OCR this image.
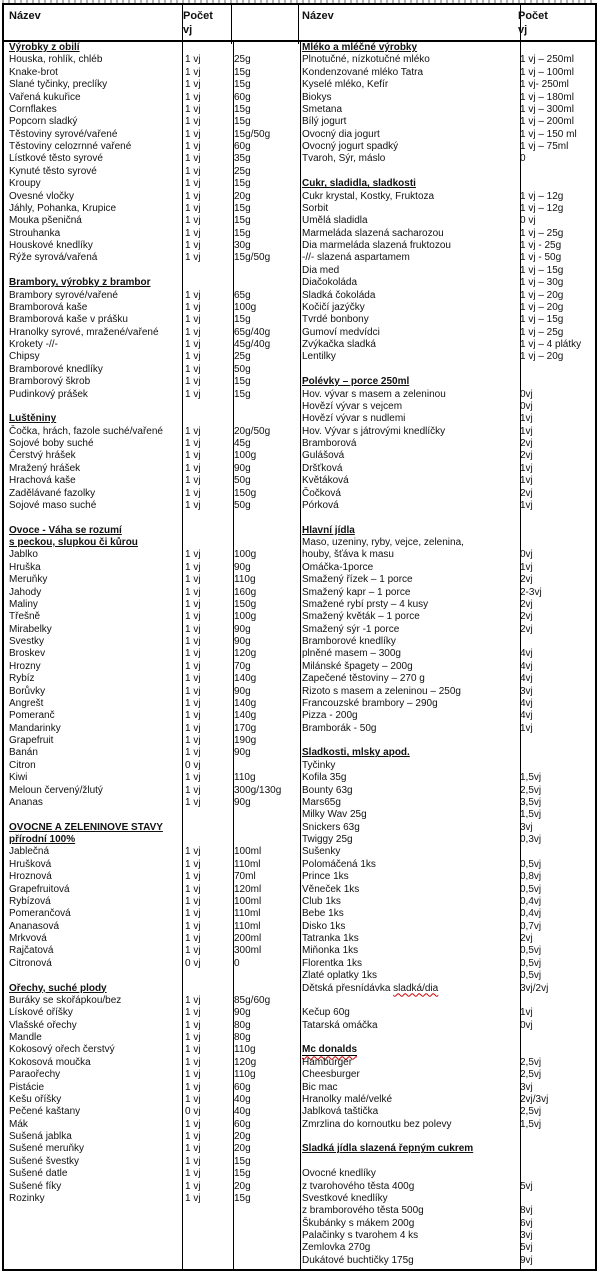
Název	Počet
vj
Název	Počet
vj
Výrobky z obilí
Houska, rohlík, chléb
Knake-brot
Slané tyčinky, preclíky
Vařená kukuřice
Cornflakes
Popcorn sladký
Těstoviny syrové/vařené
Těstoviny celozrnné vařené
Lístkové těsto syrové
Kynuté těsto syrové
Kroupy
Ovesné vločky
Jáhly, Pohanka, Krupice
Mouka pšeničná
Strouhanka
Houskové knedlíky
Rýže syrová/vařená
Brambory, výrobky z brambor
Brambory syrové/vařené
Bramborová kaše
Bramborová kaše v prášku
Hranolky syrové, mražené/vařené
Krokety -//-
Chipsy
Bramborové knedlíky
Bramborový škrob
Pudinkový prášek
Luštěniny
Čočka, hrách, fazole suché/vařené
Sojové boby suché
Čerstvý hrášek
Mražený hrášek
Hrachová kaše
Zadělávané fazolky
Sojové maso suché
Ovoce - Váha se rozumí
s peckou, slupkou či kůrou
Jablko
Hruška
Meruňky
Jahody
Maliny
Třešně
Mirabelky
Svestky
Broskev
Hrozny
Rybíz
Borůvky
Angrešt
Pomeranč
Mandarinky
Grapefruit
Banán
Citron
Kiwi
Meloun červený/žlutý
Ananas
OVOCNE A ZELENINOVE STAVY
přírodní 100%
Jablečná
Hrušková
Hroznová
Grapefruitová
Rybízová
Pomerančová
Ananasová
Mrkvová
Rajčatová
Citronová
Ořechy, suché plody
Buráky se skořápkou/bez
Lískové oříšky
Vlašské ořechy
Mandle
Kokosový ořech čerstvý
Kokosová moučka
Paraořechy
Pistácie
Kešu oříšky
Pečené kaštany
Mák
Sušená jablka
Sušené meruňky
Sušené švestky
Sušené datle
Sušené fíky
Rozinky
1 vj
1 vj
1 vj
1 vj
1 vj
1 vj
1 vj
1 vj
1 vj
1 vj
1 vj
1 vj
1 vj
1 vj
1 vj
1 vj
1 vj
1 vj
1 vj
1 vj
1 vj
1 vj
1 vj
1 vj
1 vj
1 vj
1 vj
1 vj
1 vj
1 vj
1 vj
1 vj
1 vj
1 vj
1 vj
1 vj
1 vj
1 vj
1 vj
1 vj
1 vj
1 vj
1 vj
1 vj
1 vj
1 vj
1 vj
1 vj
1 vj
1 vj
0 vj
1 vj
1 vj
1 vj
1 vj
1 vj
1 vj
1 vj
1 vj
1 vj
1 vj
1 vj
1 vj
0 vj
1 vj
1 vj
1 vj
1 vj
1 vj
1 vj
1 vj
1 vj
1 vj
0 vj
1 vj
1 vj
1 vj
1 vj
1 vj
1 vj
1 vj
25g
15g
15g
60g
15g
15g
15g/50g
60g
35g
25g
15g
20g
15g
15g
15g
30g
15g/50g
65g
100g
15g
65g/40g
45g/40g
25g
50g
15g
15g
20g/50g
45g
100g
90g
50g
150g
50g
100g
90g
110g
160g
150g
100g
90g
90g
120g
70g
140g
90g
140g
140g
170g
190g
90g
110g
300g/130g
90g
100ml
110ml
70ml
120ml
100ml
110ml
110ml
200ml
300ml
0
85g/60g
90g
80g
80g
110g
120g
110g
60g
40g
40g
60g
20g
20g
15g
15g
20g
15g
Mléko a mléčné výrobky
Plnotučné, nízkotučné mléko
Kondenzované mléko Tatra
Kyselé mléko, Kefír
Biokys
Smetana
Bílý jogurt
Ovocný dia jogurt
Ovocný jogurt spadký
Tvaroh, Sýr, máslo
Cukr, sladidla, sladkosti
Cukr krystal, Kostky, Fruktoza
Sorbit
Umělá sladidla
Marmeláda slazená sacharozou
Dia marmeláda slazená fruktozou
-//- slazená aspartamem
Dia med
Diačokoláda
Sladká čokoláda
Kočičí jazýčky
Tvrdé bonbony
Gumoví medvídci
Zvýkačka sladká
Lentilky
Polévky – porce 250ml
Hov. vývar s masem a zeleninou
Hovězí vývar s vejcem
Hovězí vývar s nudlemi
Hov. Vývar s játrovými knedlíčky
Bramborová
Gulášová
Dršťková
Květáková
Čočková
Pórková
Hlavní jídla
Maso, uzeniny, ryby, vejce, zelenina,
houby, šťáva k masu
Omáčka-1porce
Smažený řízek – 1 porce
Smažený kapr – 1 porce
Smažené rybí prsty – 4 kusy
Smažený květák – 1 porce
Smažený sýr -1 porce
Bramborové knedlíky
plněné masem – 300g
Milánské špagety – 200g
Zapečené těstoviny – 270 g
Rizoto s masem a zeleninou – 250g
Francouzské brambory – 290g
Pizza - 200g
Bramborák - 50g
Sladkosti, mlsky apod.
Tyčinky
Kofila 35g
Bounty 63g
Mars65g
Milky Wav 25g
Snickers 63g
Twiggy 25g
Sušenky
Polomáčená 1ks
Prince 1ks
Věneček 1ks
Club 1ks
Bebe 1ks
Disko 1ks
Tatranka 1ks
Miňonka 1ks
Florentka 1ks
Zlaté oplatky 1ks
Dětská přesnídávka sladká/dia
Kečup 60g
Tatarská omáčka
Mc donalds
Hamburger
Cheesburger
Bic mac
Hranolky malé/velké
Jablková taštička
Zmrzlina do kornoutku bez polevy
Sladká jídla slazená řepným cukrem
Ovocné knedlíky
z tvarohového těsta 400g
Svestkové knedlíky
z bramborového těsta 500g
Škubánky s mákem 200g
Palačinky s tvarohem 4 ks
Zemlovka 270g
Dukátové buchtičky 175g
1 vj – 250ml
1 vj – 100ml
1 vj- 250ml
1 vj – 180ml
1 vj – 300ml
1 vj – 200ml
1 vj – 150 ml
1 vj – 75ml
0
1 vj – 12g
1 vj – 12g
0 vj
1 vj – 25g
1 vj - 25g
1 vj - 50g
1 vj – 15g
1 vj – 30g
1 vj – 20g
1 vj – 20g
1 vj – 15g
1 vj – 25g
1 vj – 4 plátky
1 vj – 20g
0vj
0vj
1vj
1vj
2vj
2vj
1vj
1vj
2vj
1vj
0vj
1vj
2vj
2-3vj
2vj
2vj
2vj
4vj
4vj
4vj
3vj
4vj
4vj
1vj
1,5vj
2,5vj
3,5vj
1,5vj
3vj
0,3vj
0,5vj
0,8vj
0,5vj
0,4vj
0,4vj
0,7vj
2vj
0,5vj
0,5vj
0,5vj
3vj/2vj
1vj
0vj
2,5vj
2,5vj
3vj
2vj/3vj
2,5vj
1,5vj
5vj
8vj
6vj
3vj
5vj
9vj
